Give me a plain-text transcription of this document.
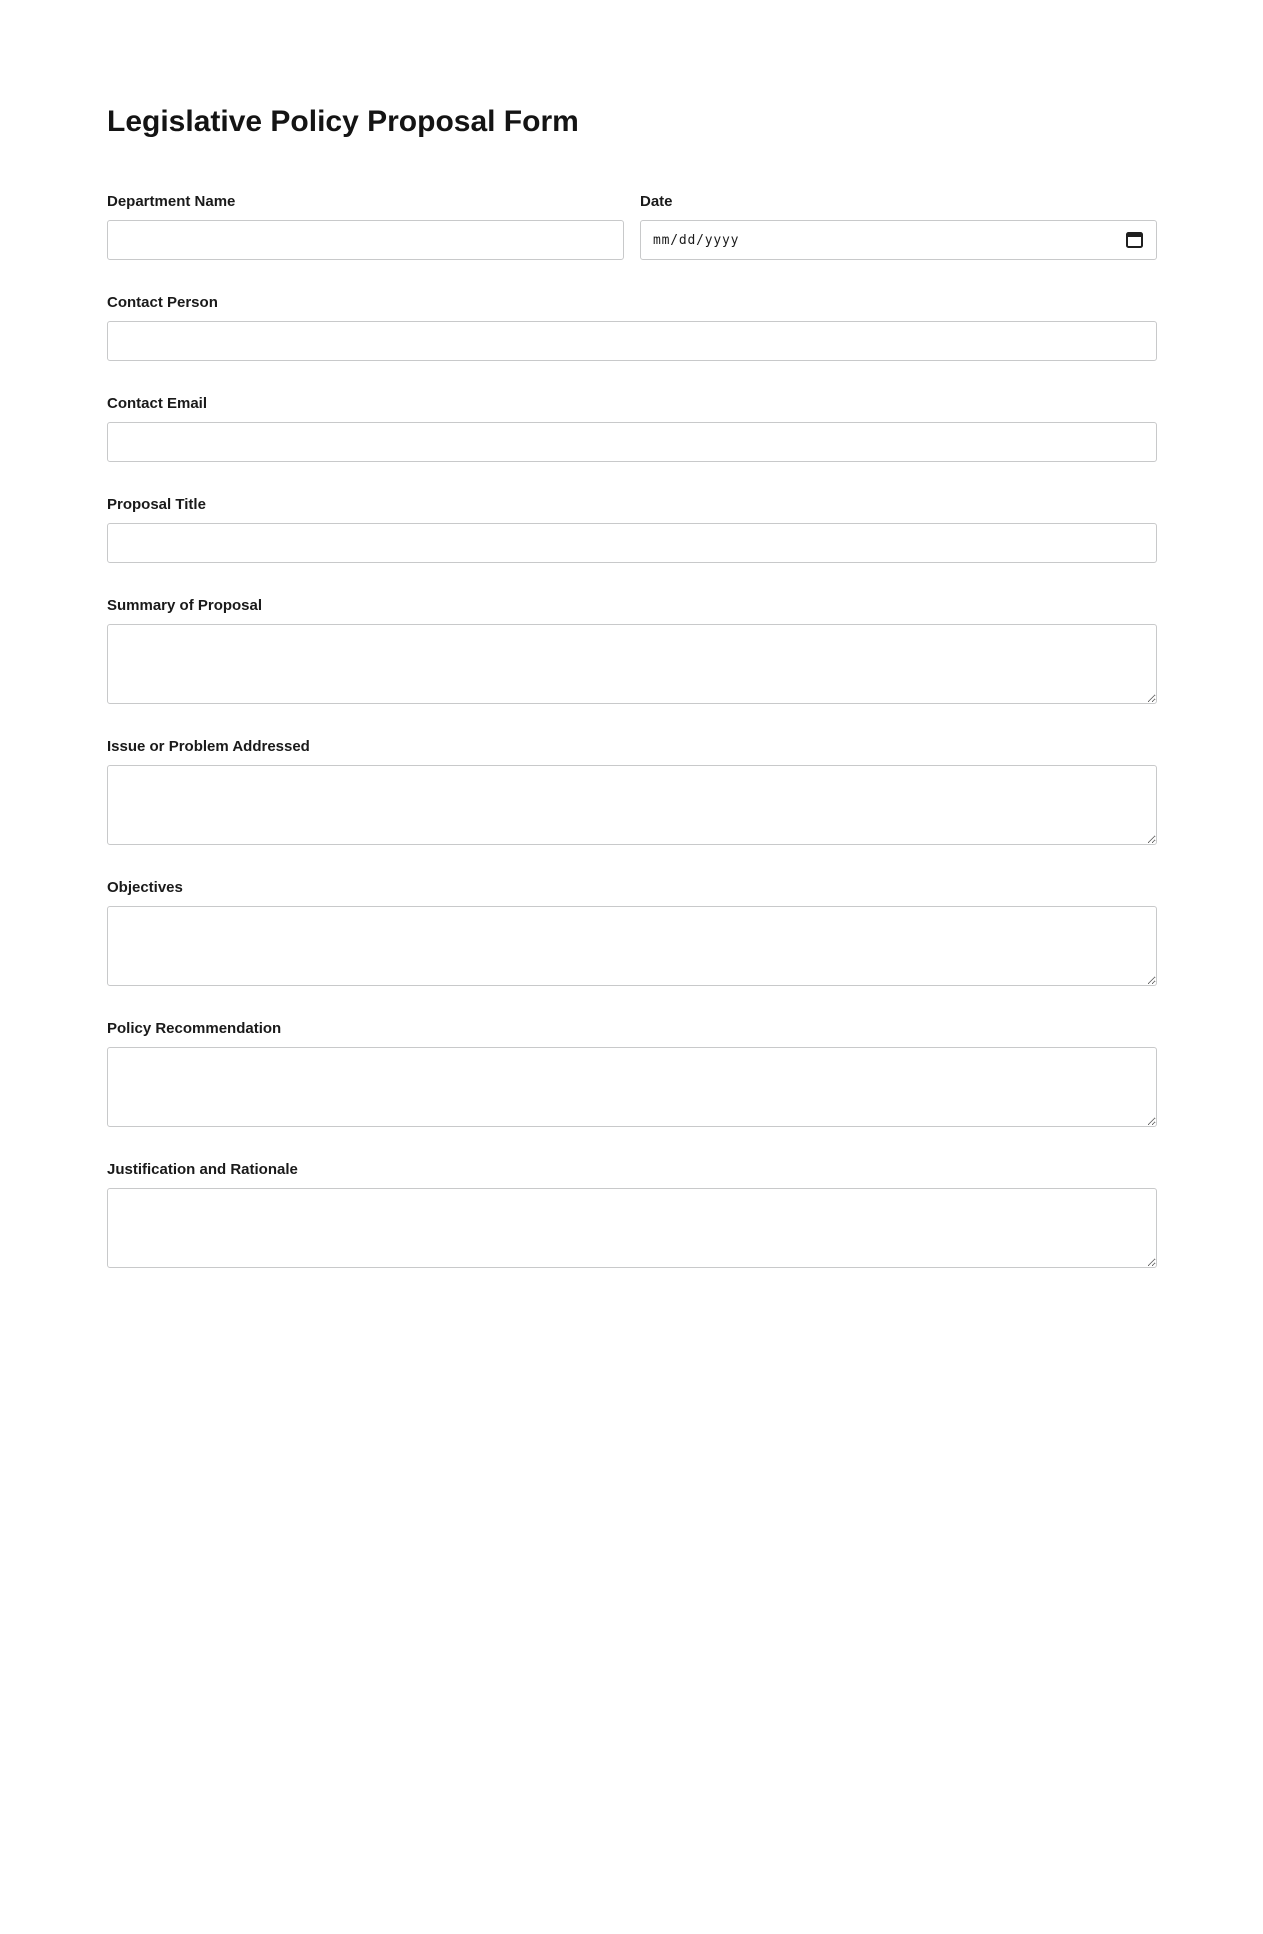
Legislative Policy Proposal Form
Department Name	Date
mm/dd/yyyy
Contact Person
Contact Email
Proposal Title
Summary of Proposal
Issue or Problem Addressed
Objectives
Policy Recommendation
Justification and Rationale
